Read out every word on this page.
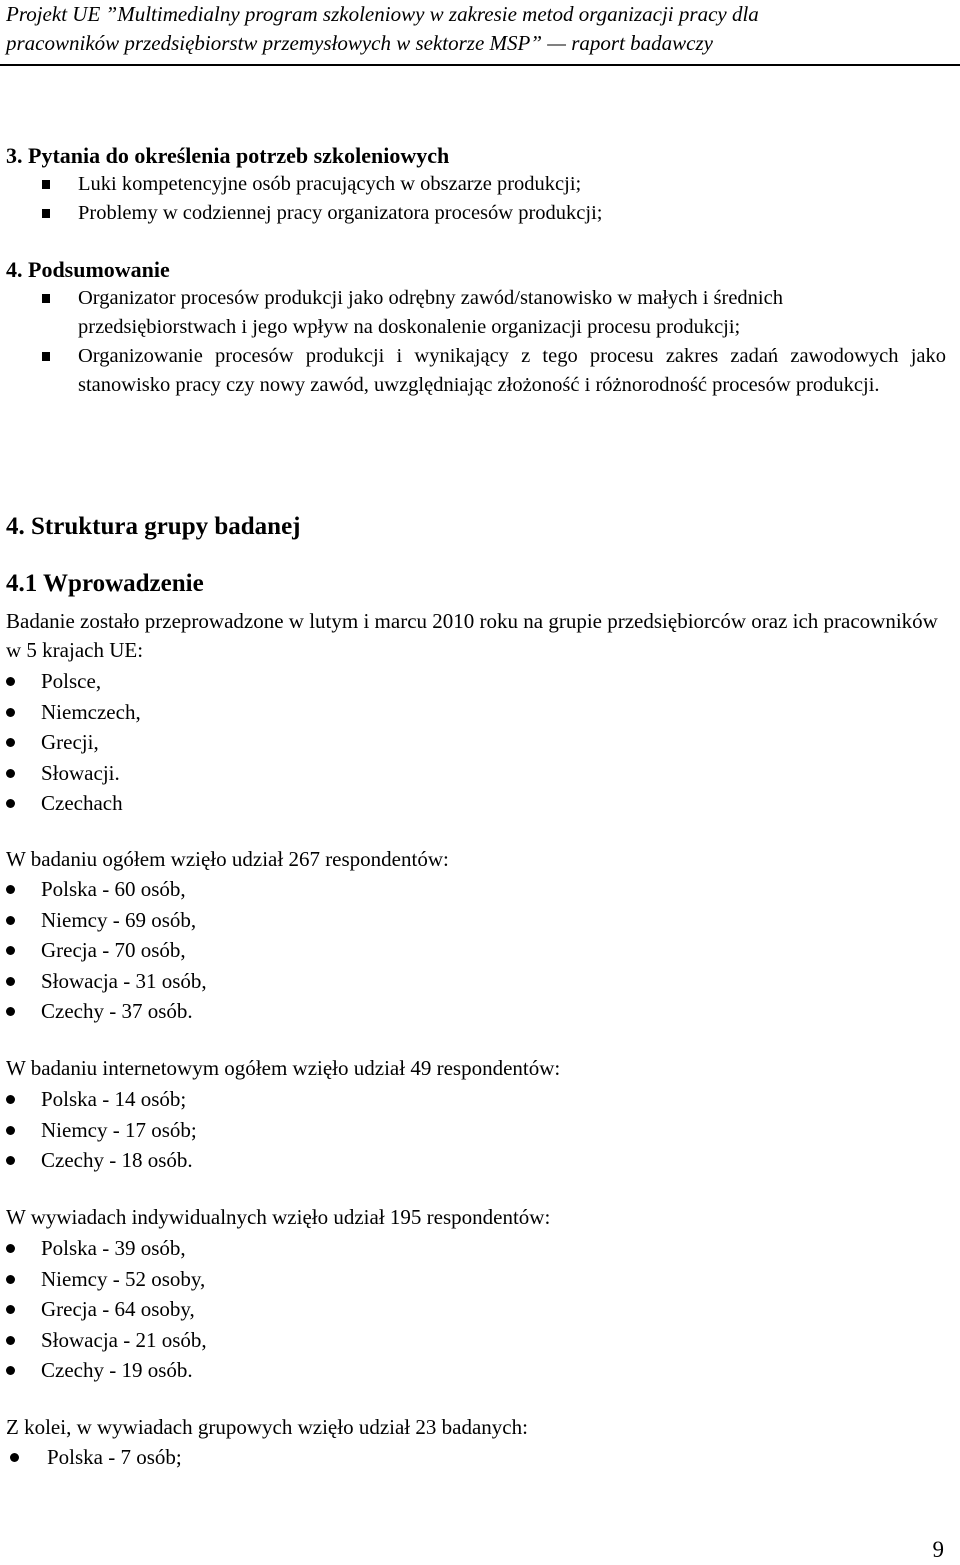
Projekt UE ”Multimedialny program szkoleniowy w zakresie metod organizacji pracy dla
pracowników przedsiębiorstw przemysłowych w sektorze MSP” — raport badawczy
3. Pytania do określenia potrzeb szkoleniowych
Luki kompetencyjne osób pracujących w obszarze produkcji;
Problemy w codziennej pracy organizatora procesów produkcji;
4. Podsumowanie
Organizator procesów produkcji jako odrębny zawód/stanowisko w małych i średnich przedsiębiorstwach i jego wpływ na doskonalenie organizacji procesu produkcji;
Organizowanie procesów produkcji i wynikający z tego procesu zakres zadań zawodowych jako stanowisko pracy czy nowy zawód, uwzględniając złożoność i różnorodność procesów produkcji.
4. Struktura grupy badanej
4.1 Wprowadzenie

Badanie zostało przeprowadzone w lutym i marcu 2010 roku na grupie przedsiębiorców oraz ich pracowników w 5 krajach UE:

Polsce,
Niemczech,
Grecji,
Słowacji.
Czechach

W badaniu ogółem wzięło udział 267 respondentów:

Polska - 60 osób,
Niemcy - 69 osób,
Grecja - 70 osób,
Słowacja - 31 osób,
Czechy - 37 osób.

W badaniu internetowym ogółem wzięło udział 49 respondentów:

Polska - 14 osób;
Niemcy - 17 osób;
Czechy - 18 osób.

W wywiadach indywidualnych wzięło udział 195 respondentów:

Polska - 39 osób,
Niemcy - 52 osoby,
Grecja - 64 osoby,
Słowacja - 21 osób,
Czechy - 19 osób.

Z kolei, w wywiadach grupowych wzięło udział 23 badanych:

Polska - 7 osób;
9
